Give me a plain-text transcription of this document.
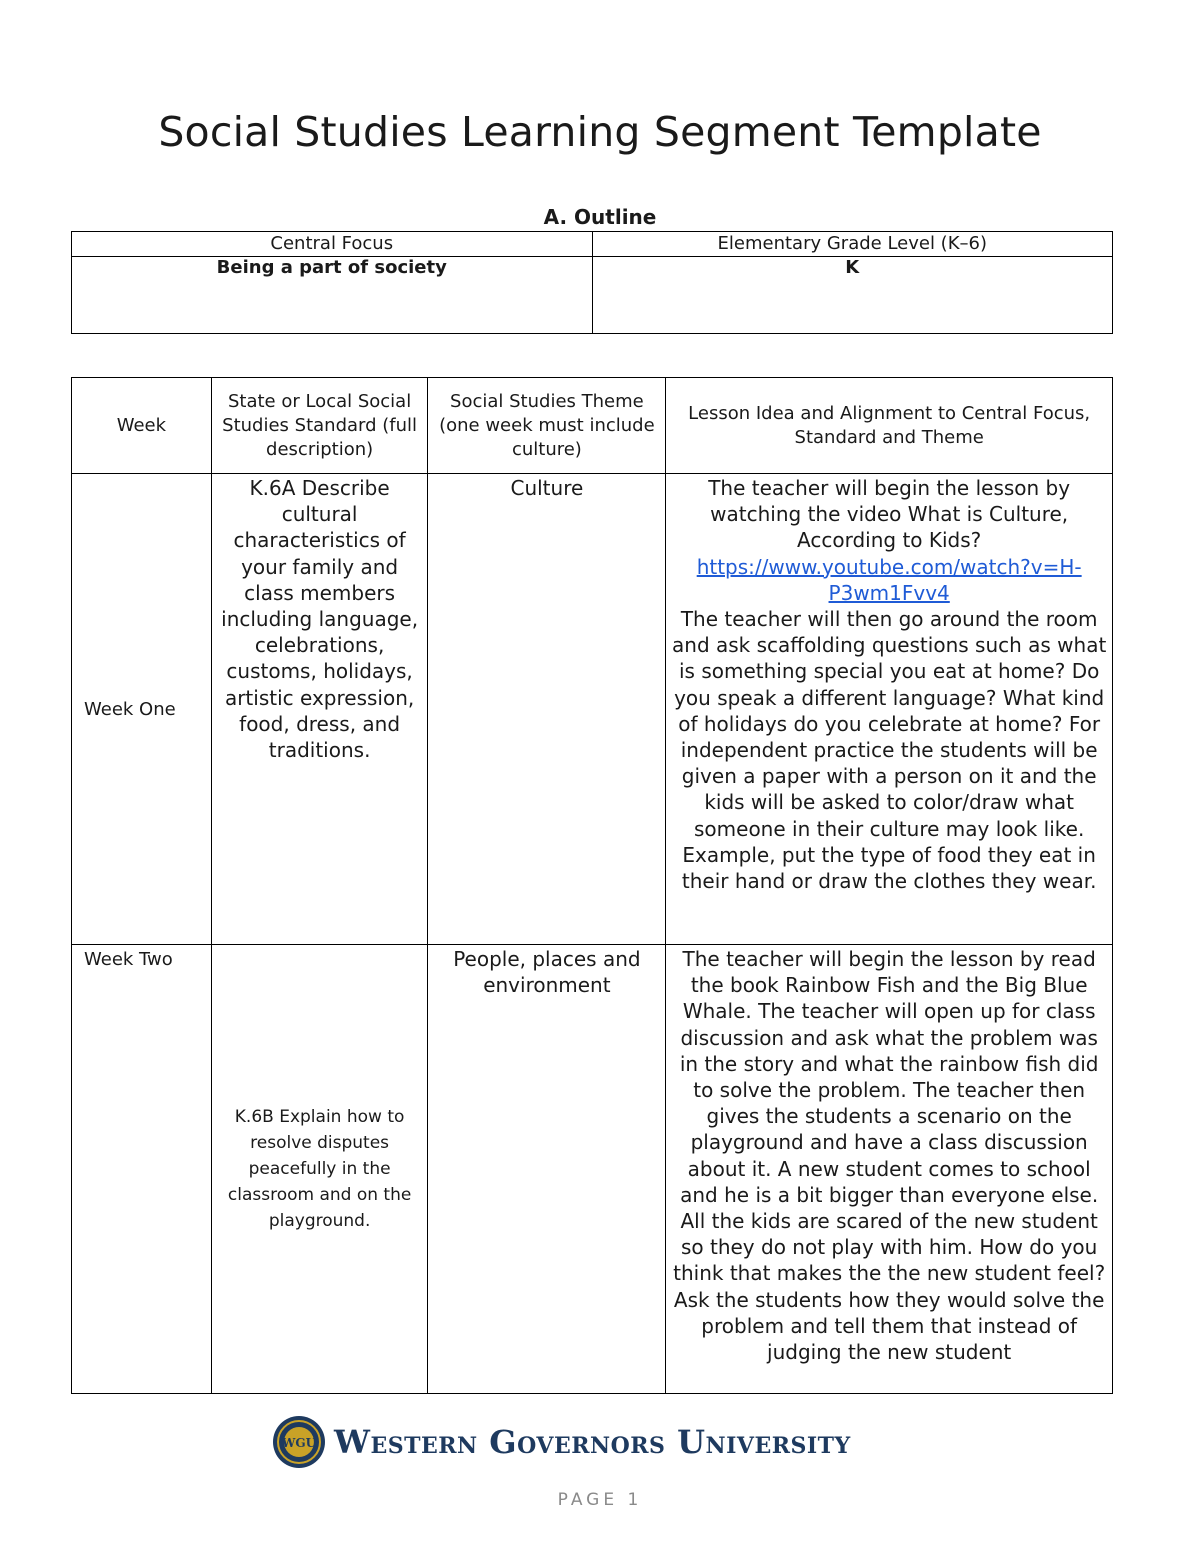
Social Studies Learning Segment Template
A. Outline
Central Focus	Elementary Grade Level (K–6)
Being a part of society	K
Week	State or Local Social Studies Standard (full description)	Social Studies Theme (one week must include culture)	Lesson Idea and Alignment to Central Focus, Standard and Theme
Week One	K.6A Describe cultural characteristics of your family and class members including language, celebrations, customs, holidays, artistic expression, food, dress, and traditions.	Culture	The teacher will begin the lesson by watching the video What is Culture, According to Kids?
https://www.youtube.com/watch?v=H-P3wm1Fvv4
The teacher will then go around the room and ask scaffolding questions such as what is something special you eat at home? Do you speak a different language? What kind of holidays do you celebrate at home? For independent practice the students will be given a paper with a person on it and the kids will be asked to color/draw what someone in their culture may look like. Example, put the type of food they eat in their hand or draw the clothes they wear.
Week Two	K.6B Explain how to resolve disputes peacefully in the classroom and on the playground.	People, places and environment	The teacher will begin the lesson by read the book Rainbow Fish and the Big Blue Whale. The teacher will open up for class discussion and ask what the problem was in the story and what the rainbow fish did to solve the problem. The teacher then gives the students a scenario on the playground and have a class discussion about it. A new student comes to school and he is a bit bigger than everyone else. All the kids are scared of the new student so they do not play with him. How do you think that makes the the new student feel? Ask the students how they would solve the problem and tell them that instead of judging the new student
WGU Western Governors University
PAGE 1
